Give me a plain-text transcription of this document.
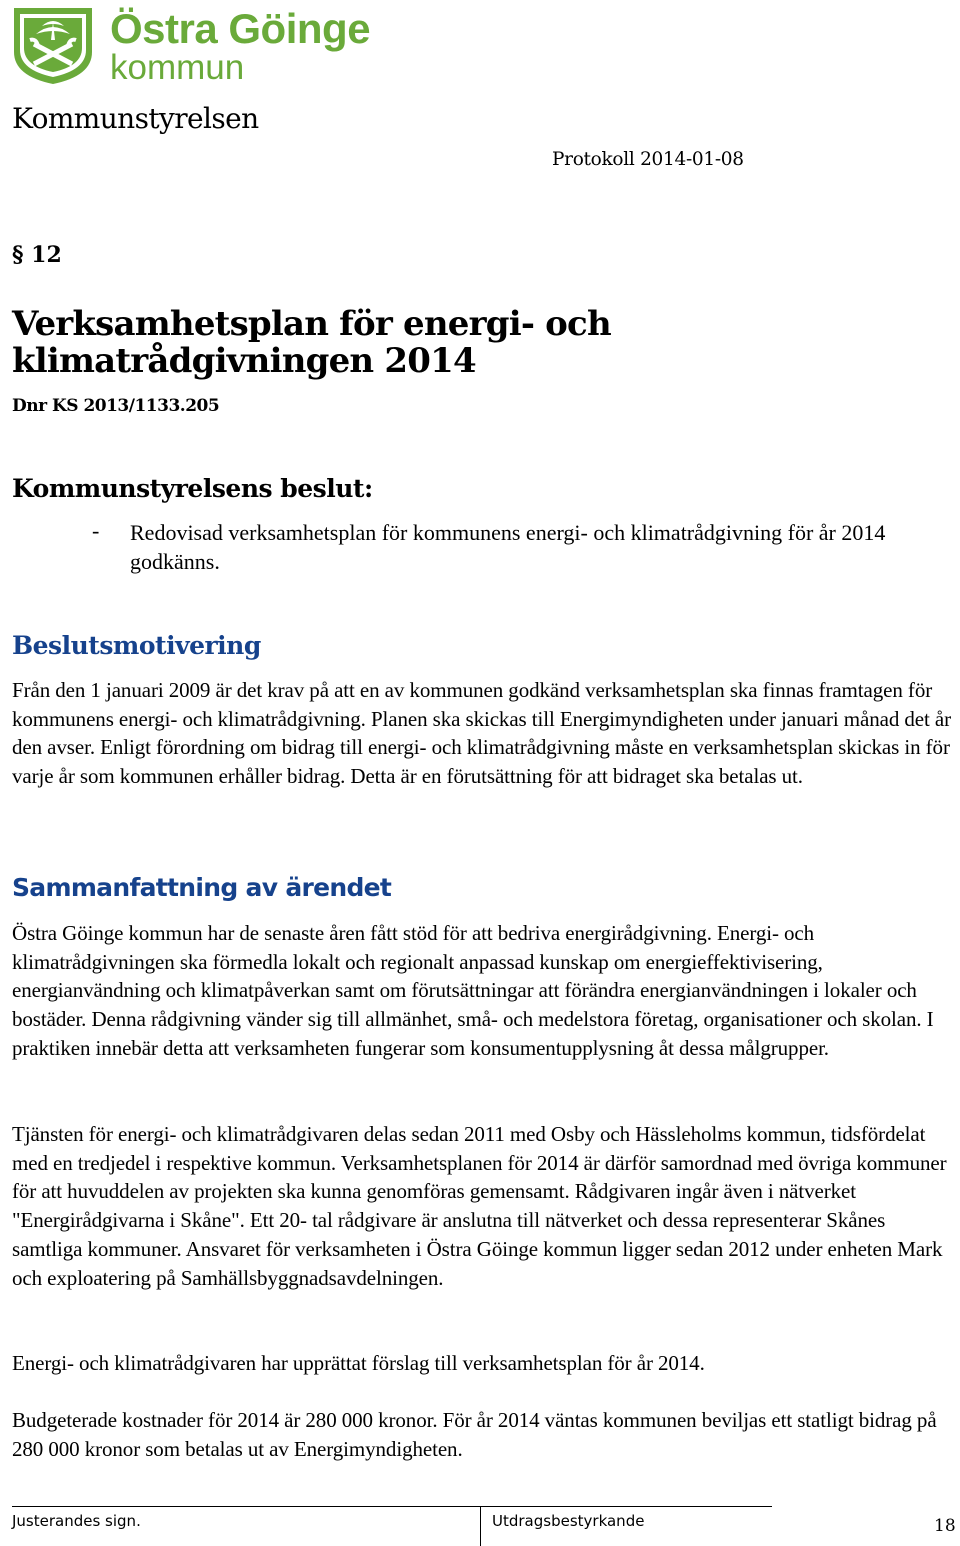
Östra Göinge
kommun
Kommunstyrelsen
Protokoll 2014-01-08
§ 12
Verksamhetsplan för energi- och klimatrådgivningen 2014
Dnr KS 2013/1133.205
Kommunstyrelsens beslut:
- Redovisad verksamhetsplan för kommunens energi- och klimatrådgivning för år 2014 godkänns.
Beslutsmotivering
Från den 1 januari 2009 är det krav på att en av kommunen godkänd verksamhetsplan ska finnas framtagen för kommunens energi- och klimatrådgivning. Planen ska skickas till Energimyndigheten under januari månad det år den avser. Enligt förordning om bidrag till energi- och klimatrådgivning måste en verksamhetsplan skickas in för varje år som kommunen erhåller bidrag. Detta är en förutsättning för att bidraget ska betalas ut.
Sammanfattning av ärendet
Östra Göinge kommun har de senaste åren fått stöd för att bedriva energirådgivning. Energi- och klimatrådgivningen ska förmedla lokalt och regionalt anpassad kunskap om energieffektivisering, energianvändning och klimatpåverkan samt om förutsättningar att förändra energianvändningen i lokaler och bostäder. Denna rådgivning vänder sig till allmänhet, små- och medelstora företag, organisationer och skolan. I praktiken innebär detta att verksamheten fungerar som konsumentupplysning åt dessa målgrupper.
Tjänsten för energi- och klimatrådgivaren delas sedan 2011 med Osby och Hässleholms kommun, tidsfördelat med en tredjedel i respektive kommun. Verksamhetsplanen för 2014 är därför samordnad med övriga kommuner för att huvuddelen av projekten ska kunna genomföras gemensamt. Rådgivaren ingår även i nätverket "Energirådgivarna i Skåne". Ett 20- tal rådgivare är anslutna till nätverket och dessa representerar Skånes samtliga kommuner. Ansvaret för verksamheten i Östra Göinge kommun ligger sedan 2012 under enheten Mark och exploatering på Samhällsbyggnadsavdelningen.
Energi- och klimatrådgivaren har upprättat förslag till verksamhetsplan för år 2014.
Budgeterade kostnader för 2014 är 280 000 kronor. För år 2014 väntas kommunen beviljas ett statligt bidrag på 280 000 kronor som betalas ut av Energimyndigheten.
Justerandes sign.	Utdragsbestyrkande	18
